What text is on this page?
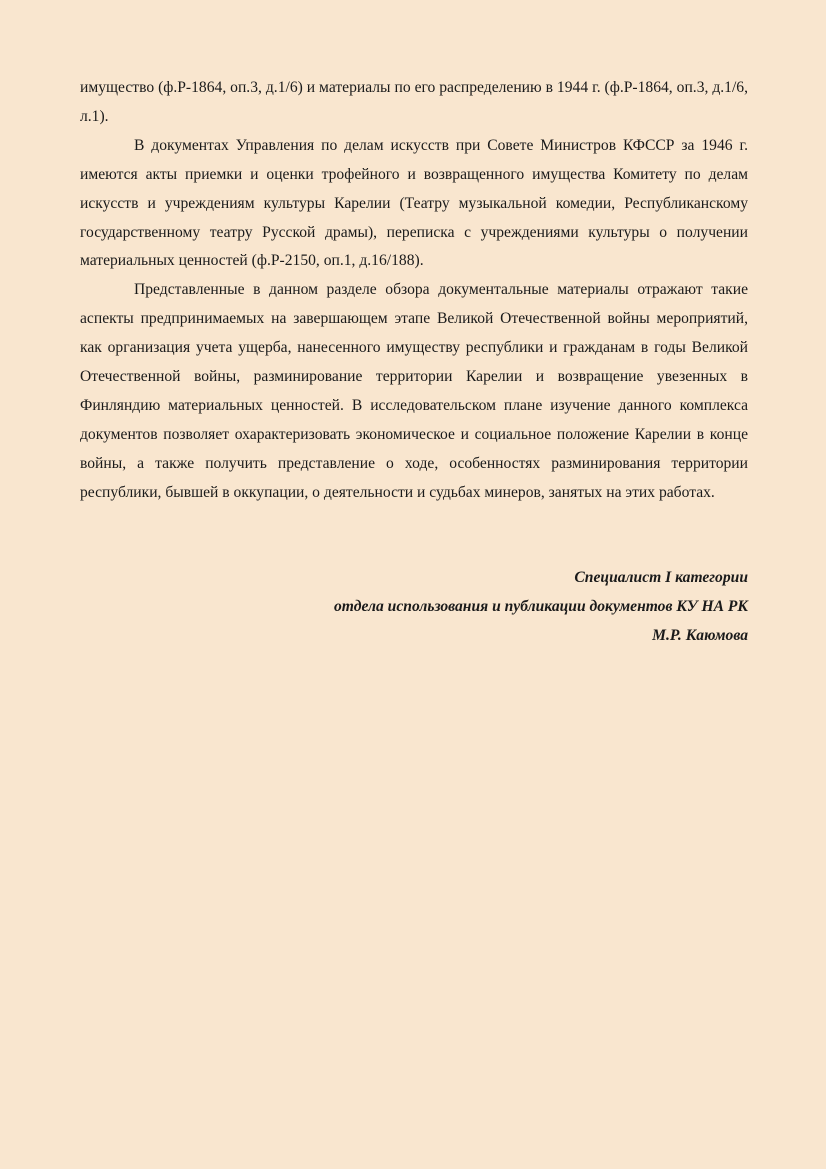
имущество (ф.Р-1864, оп.3, д.1/6) и материалы по его распределению в 1944 г. (ф.Р-1864, оп.3, д.1/6, л.1).

В документах Управления по делам искусств при Совете Министров КФССР за 1946 г. имеются акты приемки и оценки трофейного и возвращенного имущества Комитету по делам искусств и учреждениям культуры Карелии (Театру музыкальной комедии, Республиканскому государственному театру Русской драмы), переписка с учреждениями культуры о получении материальных ценностей (ф.Р-2150, оп.1, д.16/188).

Представленные в данном разделе обзора документальные материалы отражают такие аспекты предпринимаемых на завершающем этапе Великой Отечественной войны мероприятий, как организация учета ущерба, нанесенного имуществу республики и гражданам в годы Великой Отечественной войны, разминирование территории Карелии и возвращение увезенных в Финляндию материальных ценностей. В исследовательском плане изучение данного комплекса документов позволяет охарактеризовать экономическое и социальное положение Карелии в конце войны, а также получить представление о ходе, особенностях разминирования территории республики, бывшей в оккупации, о деятельности и судьбах минеров, занятых на этих работах.

Специалист I категории
отдела использования и публикации документов КУ НА РК
М.Р. Каюмова
